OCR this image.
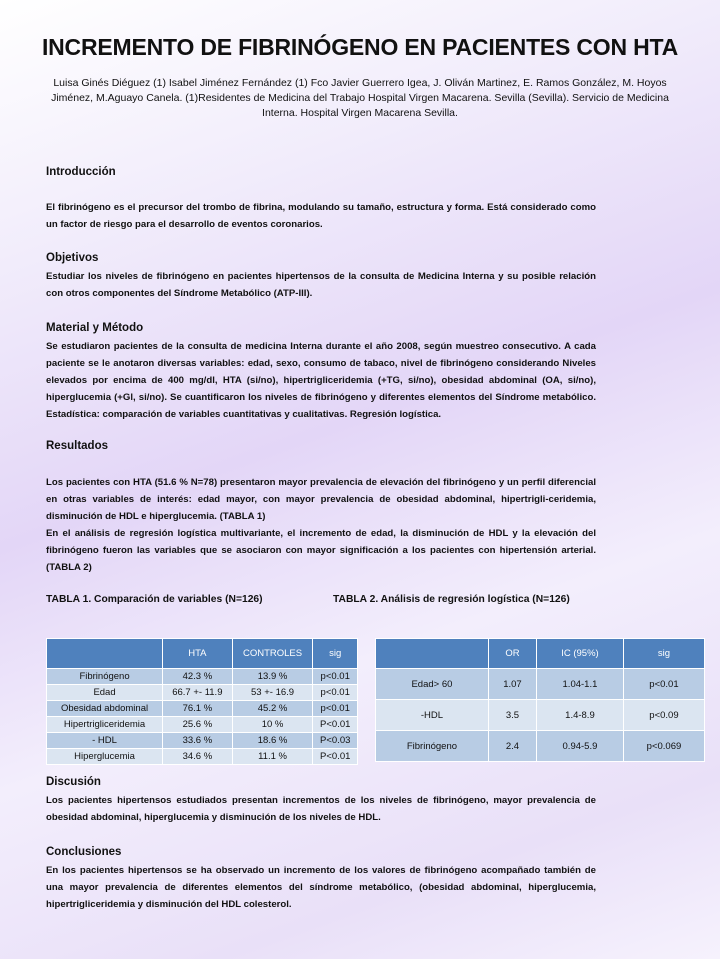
INCREMENTO DE FIBRINÓGENO EN PACIENTES CON HTA
Luisa Ginés Diéguez (1) Isabel Jiménez Fernández (1) Fco Javier Guerrero Igea, J. Oliván Martinez, E. Ramos González, M. Hoyos Jiménez, M.Aguayo Canela. (1)Residentes de Medicina del Trabajo Hospital Virgen Macarena. Sevilla (Sevilla). Servicio de Medicina Interna. Hospital Virgen Macarena Sevilla.
Introducción
El fibrinógeno es el precursor del trombo de fibrina, modulando su tamaño, estructura y forma. Está considerado como un factor de riesgo para el desarrollo de eventos coronarios.
Objetivos
Estudiar los niveles de fibrinógeno en pacientes hipertensos de la consulta de Medicina Interna y su posible relación con otros componentes del Síndrome Metabólico (ATP-III).
Material y Método
Se estudiaron pacientes de la consulta de medicina Interna durante el año 2008, según muestreo consecutivo. A cada paciente se le anotaron diversas variables: edad, sexo, consumo de tabaco, nivel de fibrinógeno considerando Niveles elevados por encima de 400 mg/dl, HTA (si/no), hipertrigliceridemia (+TG, si/no), obesidad abdominal (OA, si/no), hiperglucemia (+Gl, si/no). Se cuantificaron los niveles de fibrinógeno y diferentes elementos del Síndrome metabólico. Estadística: comparación de variables cuantitativas y cualitativas. Regresión logística.
Resultados
Los pacientes con HTA (51.6 % N=78) presentaron mayor prevalencia de elevación del fibrinógeno y un perfil diferencial en otras variables de interés: edad mayor, con mayor prevalencia de obesidad abdominal, hipertrigli-ceridemia, disminución de HDL e hiperglucemia. (TABLA 1)
En el análisis de regresión logística multivariante, el incremento de edad, la disminución de HDL y la elevación del fibrinógeno fueron las variables que se asociaron con mayor significación a los pacientes con hipertensión arterial. (TABLA 2)
TABLA 1. Comparación de variables (N=126)	TABLA 2. Análisis de regresión logística (N=126)
	HTA	CONTROLES	sig
Fibrinógeno	42.3 %	13.9 %	p<0.01
Edad	66.7 +- 11.9	53 +- 16.9	p<0.01
Obesidad abdominal	76.1 %	45.2 %	p<0.01
Hipertrigliceridemia	25.6 %	10 %	P<0.01
- HDL	33.6 %	18.6 %	P<0.03
Hiperglucemia	34.6 %	11.1 %	P<0.01
	OR	IC (95%)	sig
Edad> 60	1.07	1.04-1.1	p<0.01
-HDL	3.5	1.4-8.9	p<0.09
Fibrinógeno	2.4	0.94-5.9	p<0.069
Discusión
Los pacientes hipertensos estudiados presentan incrementos de los niveles de fibrinógeno, mayor prevalencia de obesidad abdominal, hiperglucemia y disminución de los niveles de HDL.
Conclusiones
En los pacientes hipertensos se ha observado un incremento de los valores de fibrinógeno acompañado también de una mayor prevalencia de diferentes elementos del síndrome metabólico, (obesidad abdominal, hiperglucemia, hipertrigliceridemia y disminución del HDL colesterol.
